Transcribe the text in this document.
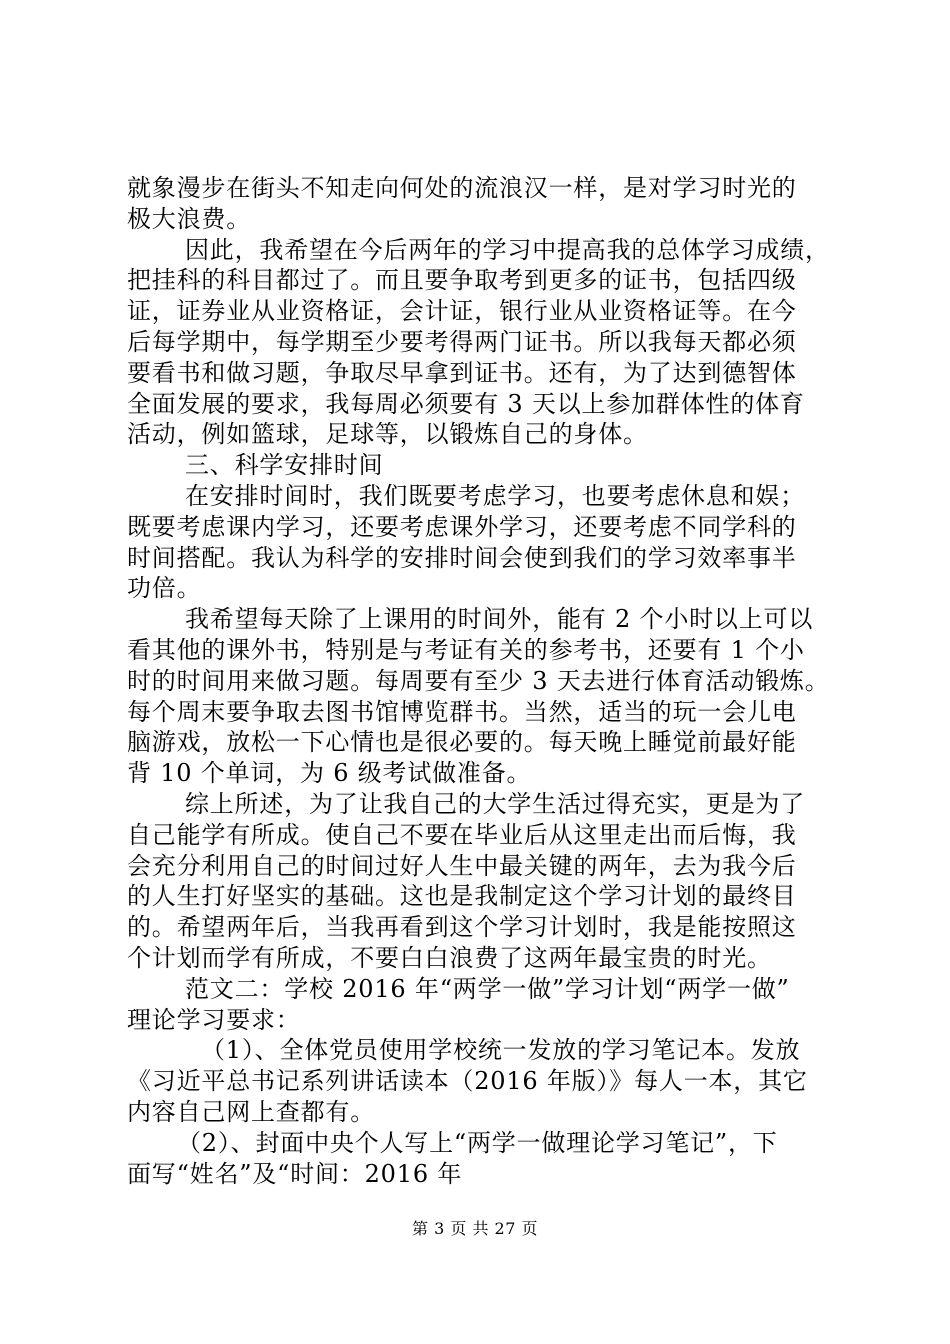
就象漫步在街头不知走向何处的流浪汉一样，是对学习时光的
极大浪费。
因此，我希望在今后两年的学习中提高我的总体学习成绩，
把挂科的科目都过了。而且要争取考到更多的证书，包括四级
证，证券业从业资格证，会计证，银行业从业资格证等。在今
后每学期中，每学期至少要考得两门证书。所以我每天都必须
要看书和做习题，争取尽早拿到证书。还有，为了达到德智体
全面发展的要求，我每周必须要有 3 天以上参加群体性的体育
活动，例如篮球，足球等，以锻炼自己的身体。
三、科学安排时间
在安排时间时，我们既要考虑学习，也要考虑休息和娱；
既要考虑课内学习，还要考虑课外学习，还要考虑不同学科的
时间搭配。我认为科学的安排时间会使到我们的学习效率事半
功倍。
我希望每天除了上课用的时间外，能有 2 个小时以上可以
看其他的课外书，特别是与考证有关的参考书，还要有 1 个小
时的时间用来做习题。每周要有至少 3 天去进行体育活动锻炼。
每个周末要争取去图书馆博览群书。当然，适当的玩一会儿电
脑游戏，放松一下心情也是很必要的。每天晚上睡觉前最好能
背 10 个单词，为 6 级考试做准备。
综上所述，为了让我自己的大学生活过得充实，更是为了
自己能学有所成。使自己不要在毕业后从这里走出而后悔，我
会充分利用自己的时间过好人生中最关键的两年，去为我今后
的人生打好坚实的基础。这也是我制定这个学习计划的最终目
的。希望两年后，当我再看到这个学习计划时，我是能按照这
个计划而学有所成，不要白白浪费了这两年最宝贵的时光。
范文二：学校 2016 年“两学一做”学习计划“两学一做”
理论学习要求：
（1）、全体党员使用学校统一发放的学习笔记本。发放
《习近平总书记系列讲话读本（2016 年版）》每人一本，其它
内容自己网上查都有。
（2）、封面中央个人写上“两学一做理论学习笔记”，下
面写“姓名”及“时间：2016 年
第 3 页 共 27 页
